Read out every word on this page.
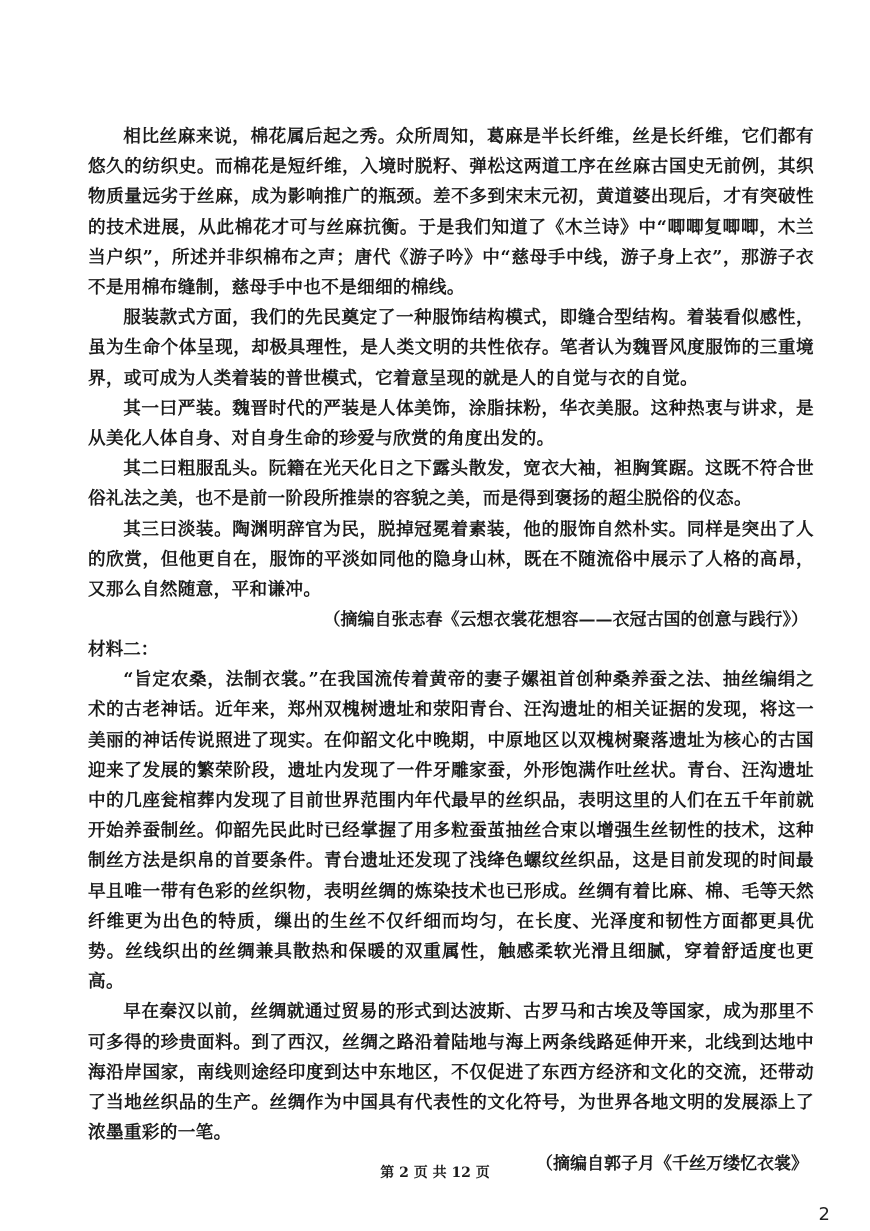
相比丝麻来说，棉花属后起之秀。众所周知，葛麻是半长纤维，丝是长纤维，它们都有悠久的纺织史。而棉花是短纤维，入境时脱籽、弹松这两道工序在丝麻古国史无前例，其织物质量远劣于丝麻，成为影响推广的瓶颈。差不多到宋末元初，黄道婆出现后，才有突破性的技术进展，从此棉花才可与丝麻抗衡。于是我们知道了《木兰诗》中“唧唧复唧唧，木兰当户织”，所述并非织棉布之声；唐代《游子吟》中“慈母手中线，游子身上衣”，那游子衣不是用棉布缝制，慈母手中也不是细细的棉线。

服装款式方面，我们的先民奠定了一种服饰结构模式，即缝合型结构。着装看似感性，虽为生命个体呈现，却极具理性，是人类文明的共性依存。笔者认为魏晋风度服饰的三重境界，或可成为人类着装的普世模式，它着意呈现的就是人的自觉与衣的自觉。

其一曰严装。魏晋时代的严装是人体美饰，涂脂抹粉，华衣美服。这种热衷与讲求，是从美化人体自身、对自身生命的珍爱与欣赏的角度出发的。

其二曰粗服乱头。阮籍在光天化日之下露头散发，宽衣大袖，袒胸箕踞。这既不符合世俗礼法之美，也不是前一阶段所推崇的容貌之美，而是得到褒扬的超尘脱俗的仪态。

其三曰淡装。陶渊明辞官为民，脱掉冠冕着素装，他的服饰自然朴实。同样是突出了人的欣赏，但他更自在，服饰的平淡如同他的隐身山林，既在不随流俗中展示了人格的高昂，又那么自然随意，平和谦冲。

（摘编自张志春《云想衣裳花想容——衣冠古国的创意与践行》）

材料二：

“旨定农桑，法制衣裳。”在我国流传着黄帝的妻子嫘祖首创种桑养蚕之法、抽丝编绢之术的古老神话。近年来，郑州双槐树遗址和荥阳青台、汪沟遗址的相关证据的发现，将这一美丽的神话传说照进了现实。在仰韶文化中晚期，中原地区以双槐树聚落遗址为核心的古国迎来了发展的繁荣阶段，遗址内发现了一件牙雕家蚕，外形饱满作吐丝状。青台、汪沟遗址中的几座瓮棺葬内发现了目前世界范围内年代最早的丝织品，表明这里的人们在五千年前就开始养蚕制丝。仰韶先民此时已经掌握了用多粒蚕茧抽丝合束以增强生丝韧性的技术，这种制丝方法是织帛的首要条件。青台遗址还发现了浅绛色螺纹丝织品，这是目前发现的时间最早且唯一带有色彩的丝织物，表明丝绸的炼染技术也已形成。丝绸有着比麻、棉、毛等天然纤维更为出色的特质，缫出的生丝不仅纤细而均匀，在长度、光泽度和韧性方面都更具优势。丝线织出的丝绸兼具散热和保暖的双重属性，触感柔软光滑且细腻，穿着舒适度也更高。

早在秦汉以前，丝绸就通过贸易的形式到达波斯、古罗马和古埃及等国家，成为那里不可多得的珍贵面料。到了西汉，丝绸之路沿着陆地与海上两条线路延伸开来，北线到达地中海沿岸国家，南线则途经印度到达中东地区，不仅促进了东西方经济和文化的交流，还带动了当地丝织品的生产。丝绸作为中国具有代表性的文化符号，为世界各地文明的发展添上了浓墨重彩的一笔。

（摘编自郭子月《千丝万缕忆衣裳》

第 2 页 共 12 页
2
